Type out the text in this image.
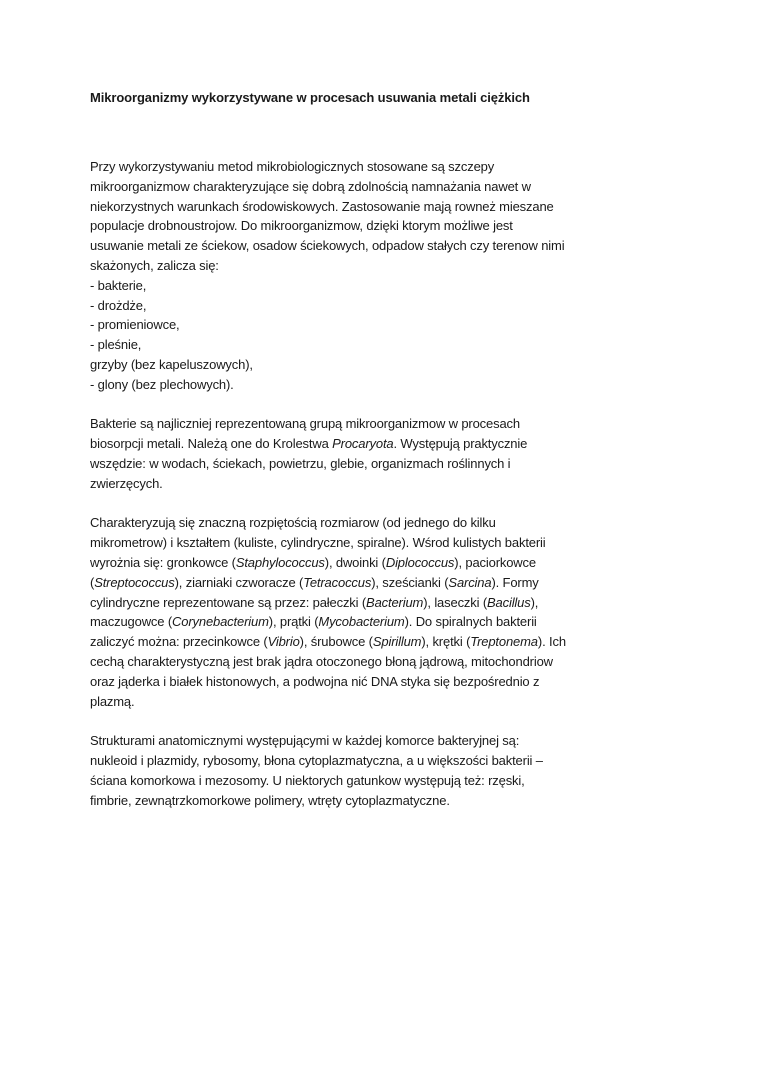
Mikroorganizmy wykorzystywane w procesach usuwania metali ciężkich

Przy wykorzystywaniu metod mikrobiologicznych stosowane są szczepy
mikroorganizmow charakteryzujące się dobrą zdolnością namnażania nawet w
niekorzystnych warunkach środowiskowych. Zastosowanie mają rowneż mieszane
populacje drobnoustrojow. Do mikroorganizmow, dzięki ktorym możliwe jest
usuwanie metali ze ściekow, osadow ściekowych, odpadow stałych czy terenow nimi
skażonych, zalicza się:
- bakterie,
- drożdże,
- promieniowce,
- pleśnie,
grzyby (bez kapeluszowych),
- glony (bez plechowych).

Bakterie są najliczniej reprezentowaną grupą mikroorganizmow w procesach
biosorpcji metali. Należą one do Krolestwa Procaryota. Występują praktycznie
wszędzie: w wodach, ściekach, powietrzu, glebie, organizmach roślinnych i
zwierzęcych.

Charakteryzują się znaczną rozpiętością rozmiarow (od jednego do kilku
mikrometrow) i kształtem (kuliste, cylindryczne, spiralne). Wśrod kulistych bakterii
wyrożnia się: gronkowce (Staphylococcus), dwoinki (Diplococcus), paciorkowce
(Streptococcus), ziarniaki czworacze (Tetracoccus), sześcianki (Sarcina). Formy
cylindryczne reprezentowane są przez: pałeczki (Bacterium), laseczki (Bacillus),
maczugowce (Corynebacterium), prątki (Mycobacterium). Do spiralnych bakterii
zaliczyć można: przecinkowce (Vibrio), śrubowce (Spirillum), krętki (Treptonema). Ich
cechą charakterystyczną jest brak jądra otoczonego błoną jądrową, mitochondriow
oraz jąderka i białek histonowych, a podwojna nić DNA styka się bezpośrednio z
plazmą.

Strukturami anatomicznymi występującymi w każdej komorce bakteryjnej są:
nukleoid i plazmidy, rybosomy, błona cytoplazmatyczna, a u większości bakterii –
ściana komorkowa i mezosomy. U niektorych gatunkow występują też: rzęski,
fimbrie, zewnątrzkomorkowe polimery, wtręty cytoplazmatyczne.
